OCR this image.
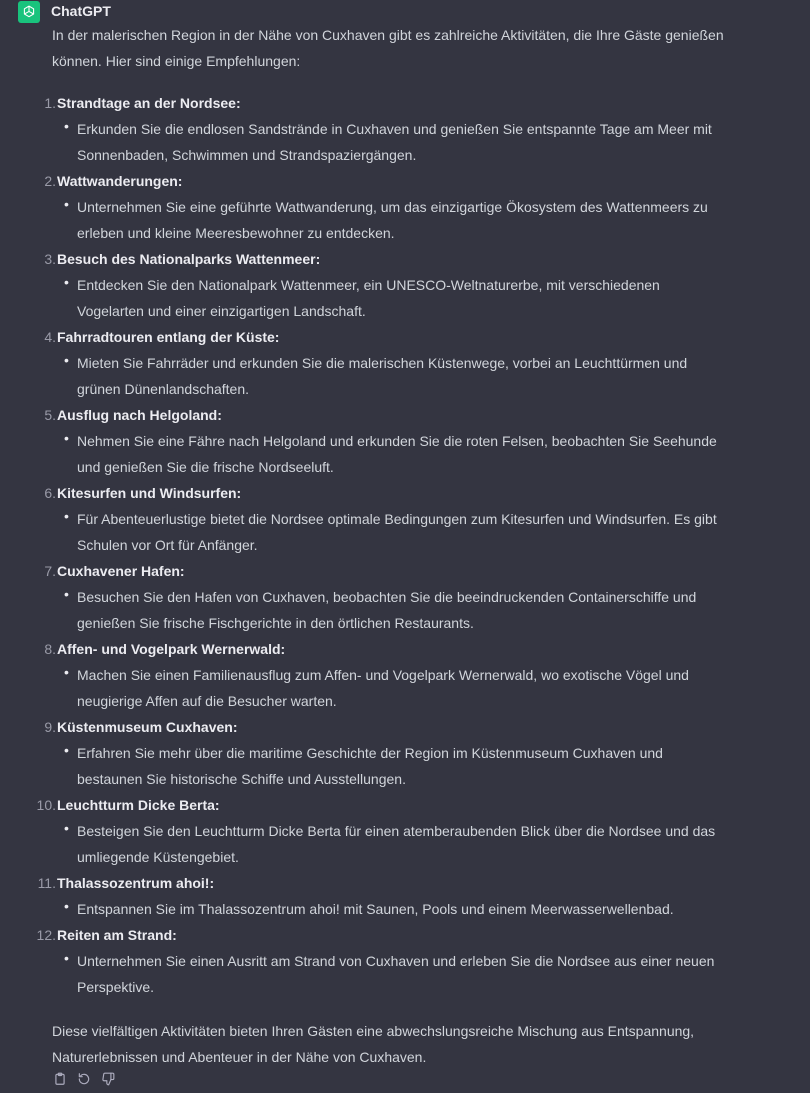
ChatGPT

In der malerischen Region in der Nähe von Cuxhaven gibt es zahlreiche Aktivitäten, die Ihre Gäste genießen können. Hier sind einige Empfehlungen:

1. Strandtage an der Nordsee:
• Erkunden Sie die endlosen Sandstrände in Cuxhaven und genießen Sie entspannte Tage am Meer mit Sonnenbaden, Schwimmen und Strandspaziergängen.
2. Wattwanderungen:
• Unternehmen Sie eine geführte Wattwanderung, um das einzigartige Ökosystem des Wattenmeers zu erleben und kleine Meeresbewohner zu entdecken.
3. Besuch des Nationalparks Wattenmeer:
• Entdecken Sie den Nationalpark Wattenmeer, ein UNESCO-Weltnaturerbe, mit verschiedenen Vogelarten und einer einzigartigen Landschaft.
4. Fahrradtouren entlang der Küste:
• Mieten Sie Fahrräder und erkunden Sie die malerischen Küstenwege, vorbei an Leuchttürmen und grünen Dünenlandschaften.
5. Ausflug nach Helgoland:
• Nehmen Sie eine Fähre nach Helgoland und erkunden Sie die roten Felsen, beobachten Sie Seehunde und genießen Sie die frische Nordseeluft.
6. Kitesurfen und Windsurfen:
• Für Abenteuerlustige bietet die Nordsee optimale Bedingungen zum Kitesurfen und Windsurfen. Es gibt Schulen vor Ort für Anfänger.
7. Cuxhavener Hafen:
• Besuchen Sie den Hafen von Cuxhaven, beobachten Sie die beeindruckenden Containerschiffe und genießen Sie frische Fischgerichte in den örtlichen Restaurants.
8. Affen- und Vogelpark Wernerwald:
• Machen Sie einen Familienausflug zum Affen- und Vogelpark Wernerwald, wo exotische Vögel und neugierige Affen auf die Besucher warten.
9. Küstenmuseum Cuxhaven:
• Erfahren Sie mehr über die maritime Geschichte der Region im Küstenmuseum Cuxhaven und bestaunen Sie historische Schiffe und Ausstellungen.
10. Leuchtturm Dicke Berta:
• Besteigen Sie den Leuchtturm Dicke Berta für einen atemberaubenden Blick über die Nordsee und das umliegende Küstengebiet.
11. Thalassozentrum ahoi!:
• Entspannen Sie im Thalassozentrum ahoi! mit Saunen, Pools und einem Meerwasserwellenbad.
12. Reiten am Strand:
• Unternehmen Sie einen Ausritt am Strand von Cuxhaven und erleben Sie die Nordsee aus einer neuen Perspektive.

Diese vielfältigen Aktivitäten bieten Ihren Gästen eine abwechslungsreiche Mischung aus Entspannung, Naturerlebnissen und Abenteuer in der Nähe von Cuxhaven.
